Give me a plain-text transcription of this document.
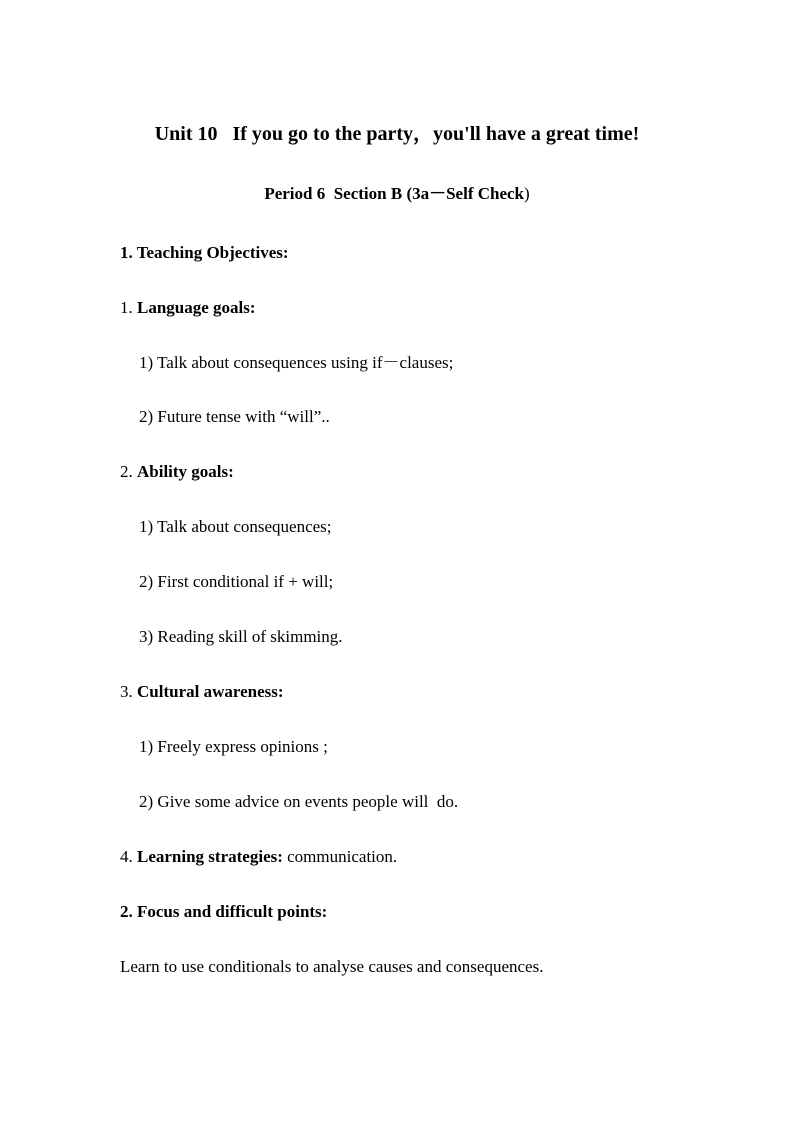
Unit 10   If you go to the party，you'll have a great time!
Period 6  Section B (3a－Self Check)
1. Teaching Objectives:
1. Language goals:
1) Talk about consequences using if－clauses;
2) Future tense with “will”..
2. Ability goals:
1) Talk about consequences;
2) First conditional if + will;
3) Reading skill of skimming.
3. Cultural awareness:
1) Freely express opinions ;
2) Give some advice on events people will  do.
4. Learning strategies: communication.
2. Focus and difficult points:
Learn to use conditionals to analyse causes and consequences.
